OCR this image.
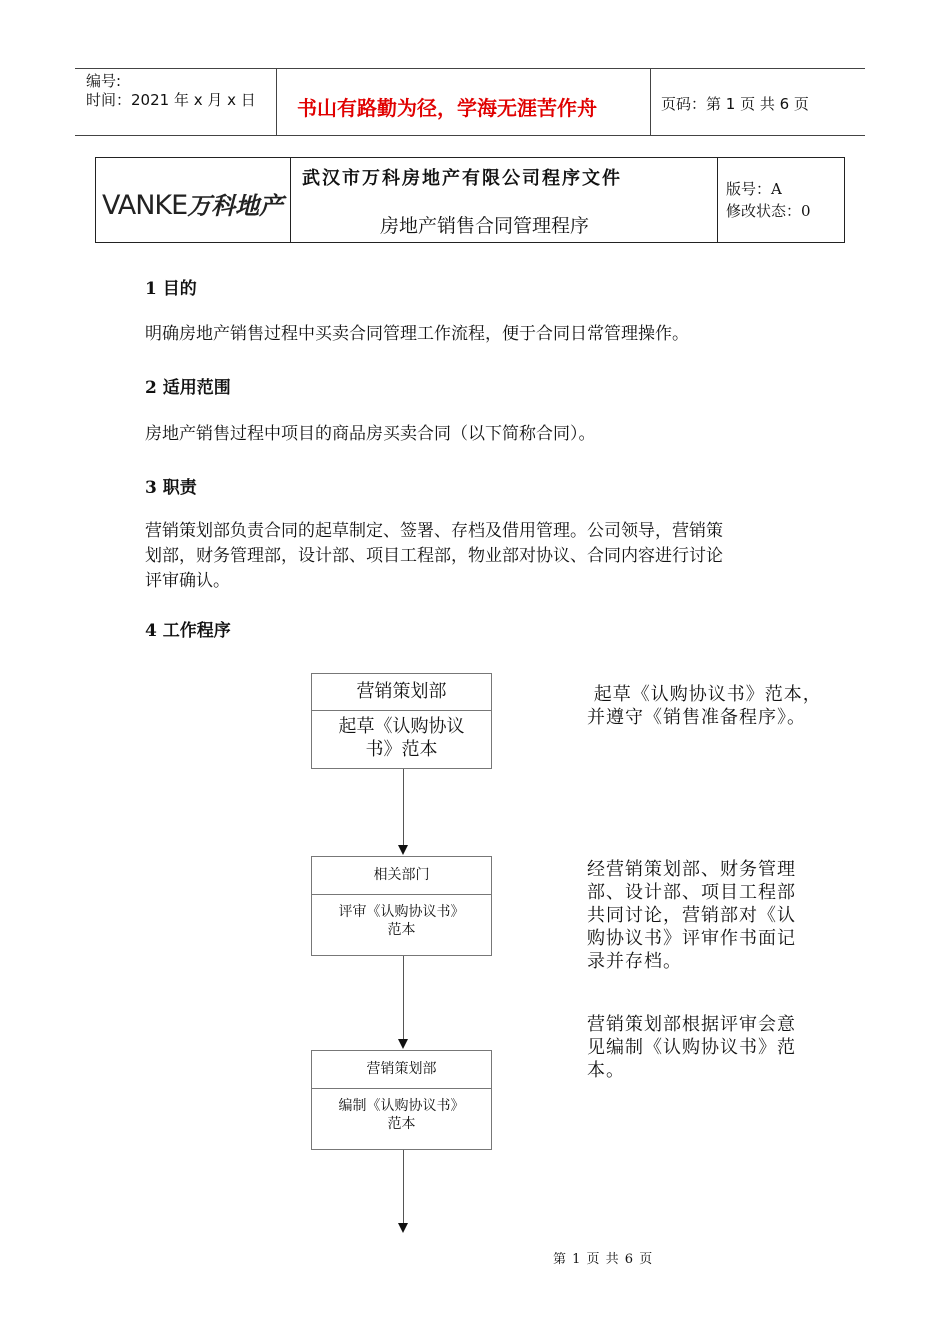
编号:
时间：2021 年 x 月 x 日 书山有路勤为径，学海无涯苦作舟	页码：第 1 页 共 6 页
VANKE万科地产
武汉市万科房地产有限公司程序文件
房地产销售合同管理程序
版号：A
修改状态：0
1 目的
明确房地产销售过程中买卖合同管理工作流程，便于合同日常管理操作。
2 适用范围
房地产销售过程中项目的商品房买卖合同（以下简称合同）。
3 职责
营销策划部负责合同的起草制定、签署、存档及借用管理。公司领导，营销策
划部，财务管理部，设计部、项目工程部，物业部对协议、合同内容进行讨论
评审确认。
4 工作程序
营销策划部
起草《认购协议
书》范本
相关部门
评审《认购协议书》
范本
营销策划部
编制《认购协议书》
范本
起草《认购协议书》范本，
并遵守《销售准备程序》。
经营销策划部、财务管理
部、设计部、项目工程部
共同讨论，营销部对《认
购协议书》评审作书面记
录并存档。
营销策划部根据评审会意
见编制《认购协议书》范
本。
第 1 页 共 6 页
